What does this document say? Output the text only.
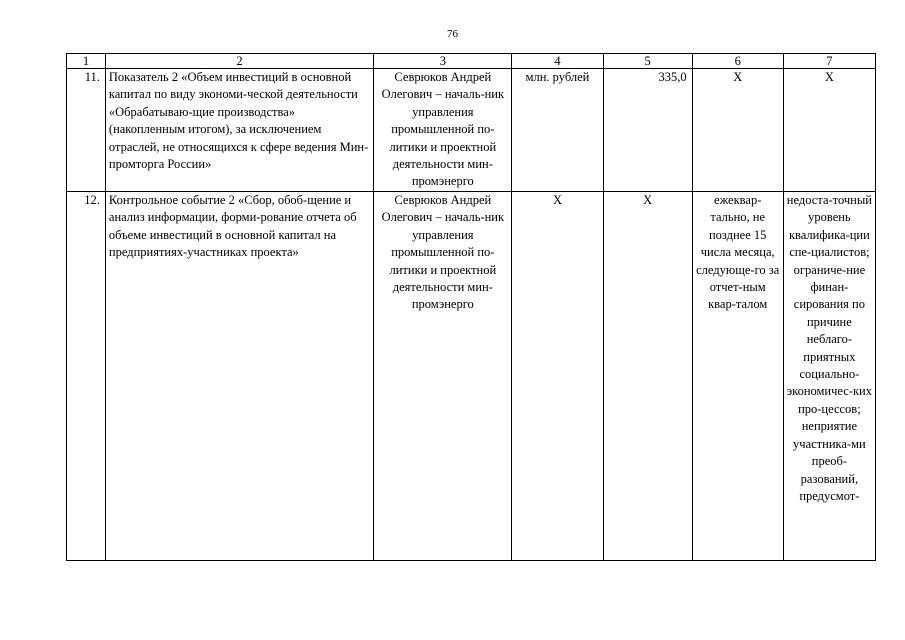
76
1	2	3	4	5	6	7
11.	Показатель 2 «Объем инвестиций в основной капитал по виду экономи-ческой деятельности «Обрабатываю-щие производства» (накопленным итогом), за исключением отраслей, не относящихся к сфере ведения Мин-промторга России»	Севрюков Андрей Олегович – началь-ник управления промышленной по-литики и проектной деятельности мин-промэнерго	млн. рублей	335,0	Х	Х
12.	Контрольное событие 2 «Сбор, обоб-щение и анализ информации, форми-рование отчета об объеме инвестиций в основной капитал на предприятиях-участниках проекта»	Севрюков Андрей Олегович – началь-ник управления промышленной по-литики и проектной деятельности мин-промэнерго	Х	Х	ежеквар-тально, не позднее 15 числа месяца, следующе-го за отчет-ным квар-талом	недоста-точный уровень квалифика-ции спе-циалистов; ограниче-ние финан-сирования по причине неблаго-приятных социально-экономичес-ких про-цессов; неприятие участника-ми преоб-разований, предусмот-
